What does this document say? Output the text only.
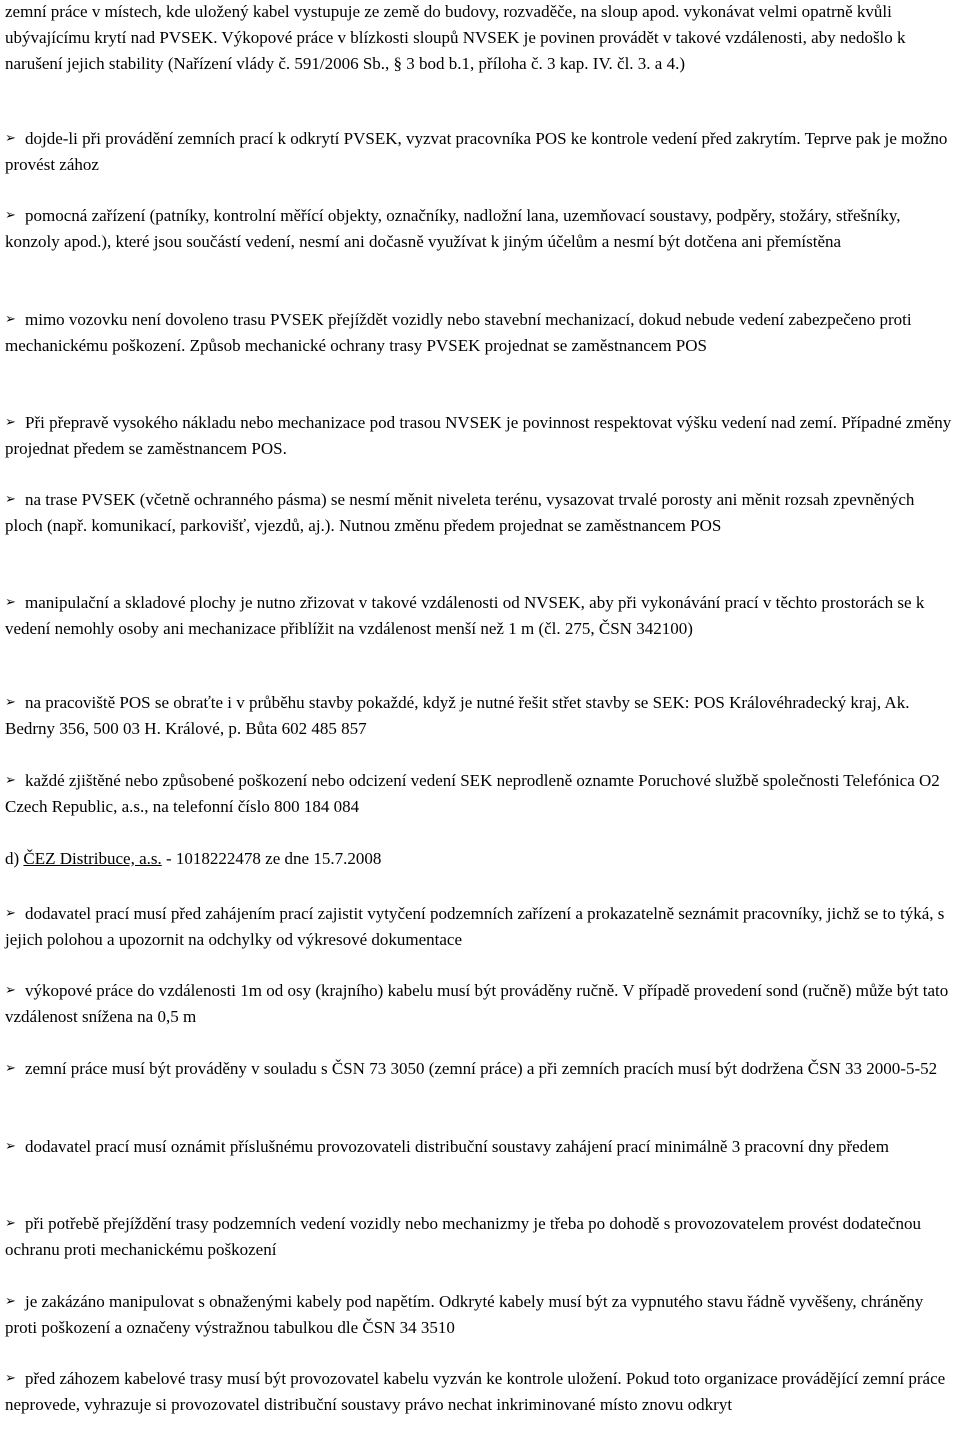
zemní práce v místech, kde uložený kabel vystupuje ze země do budovy, rozvaděče, na sloup apod. vykonávat velmi opatrně kvůli ubývajícímu krytí nad PVSEK. Výkopové práce v blízkosti sloupů NVSEK je povinen provádět v takové vzdálenosti, aby nedošlo k narušení jejich stability (Nařízení vlády č. 591/2006 Sb., § 3 bod b.1, příloha č. 3 kap. IV. čl. 3. a 4.)

➢ dojde-li při provádění zemních prací k odkrytí PVSEK, vyzvat pracovníka POS ke kontrole vedení před zakrytím. Teprve pak je možno provést zához

➢ pomocná zařízení (patníky, kontrolní měřící objekty, označníky, nadložní lana, uzemňovací soustavy, podpěry, stožáry, střešníky, konzoly apod.), které jsou součástí vedení, nesmí ani dočasně využívat k jiným účelům a nesmí být dotčena ani přemístěna

➢ mimo vozovku není dovoleno trasu PVSEK přejíždět vozidly nebo stavební mechanizací, dokud nebude vedení zabezpečeno proti mechanickému poškození. Způsob mechanické ochrany trasy PVSEK projednat se zaměstnancem POS

➢ Při přepravě vysokého nákladu nebo mechanizace pod trasou NVSEK je povinnost respektovat výšku vedení nad zemí. Případné změny projednat předem se zaměstnancem POS.

➢ na trase PVSEK (včetně ochranného pásma) se nesmí měnit niveleta terénu, vysazovat trvalé porosty ani měnit rozsah zpevněných ploch (např. komunikací, parkovišť, vjezdů, aj.). Nutnou změnu předem projednat se zaměstnancem POS

➢ manipulační a skladové plochy je nutno zřizovat v takové vzdálenosti od NVSEK, aby při vykonávání prací v těchto prostorách se k vedení nemohly osoby ani mechanizace přiblížit na vzdálenost menší než 1 m (čl. 275, ČSN 342100)

➢ na pracoviště POS se obraťte i v průběhu stavby pokaždé, když je nutné řešit střet stavby se SEK: POS Královéhradecký kraj, Ak. Bedrny 356, 500 03 H. Králové, p. Bůta 602 485 857

➢ každé zjištěné nebo způsobené poškození nebo odcizení vedení SEK neprodleně oznamte Poruchové službě společnosti Telefónica O2 Czech Republic, a.s., na telefonní číslo 800 184 084

d) ČEZ Distribuce, a.s. - 1018222478 ze dne 15.7.2008

➢ dodavatel prací musí před zahájením prací zajistit vytyčení podzemních zařízení a prokazatelně seznámit pracovníky, jichž se to týká, s jejich polohou a upozornit na odchylky od výkresové dokumentace

➢ výkopové práce do vzdálenosti 1m od osy (krajního) kabelu musí být prováděny ručně. V případě provedení sond (ručně) může být tato vzdálenost snížena na 0,5 m

➢ zemní práce musí být prováděny v souladu s ČSN 73 3050 (zemní práce) a při zemních pracích musí být dodržena ČSN 33 2000-5-52

➢ dodavatel prací musí oznámit příslušnému provozovateli distribuční soustavy zahájení prací minimálně 3 pracovní dny předem

➢ při potřebě přejíždění trasy podzemních vedení vozidly nebo mechanizmy je třeba po dohodě s provozovatelem provést dodatečnou ochranu proti mechanickému poškození

➢ je zakázáno manipulovat s obnaženými kabely pod napětím. Odkryté kabely musí být za vypnutého stavu řádně vyvěšeny, chráněny proti poškození a označeny výstražnou tabulkou dle ČSN 34 3510

➢ před záhozem kabelové trasy musí být provozovatel kabelu vyzván ke kontrole uložení. Pokud toto organizace provádějící zemní práce neprovede, vyhrazuje si provozovatel distribuční soustavy právo nechat inkriminované místo znovu odkryt
